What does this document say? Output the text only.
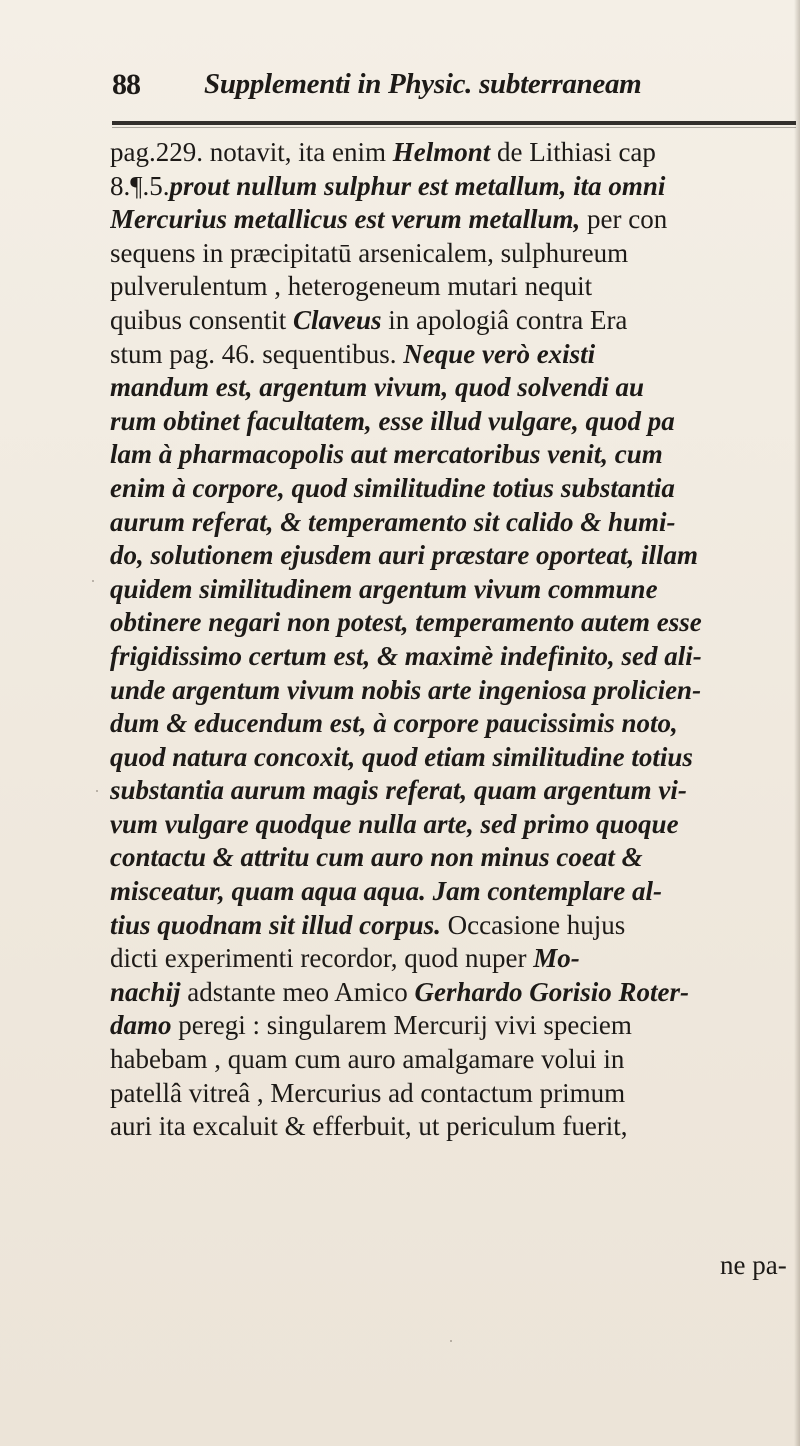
88 Supplementi in Physic. subterraneam
pag.229. notavit, ita enim Helmont de Lithiasi cap
8.¶.5.prout nullum sulphur est metallum, ita omni
Mercurius metallicus est verum metallum, per con
sequens in præcipitatū arsenicalem, sulphureum
pulverulentum , heterogeneum mutari nequit
quibus consentit Claveus in apologiâ contra Era
stum pag. 46. sequentibus. Neque verò existi
mandum est, argentum vivum, quod solvendi au
rum obtinet facultatem, esse illud vulgare, quod pa
lam à pharmacopolis aut mercatoribus venit, cum
enim à corpore, quod similitudine totius substantia
aurum referat, & temperamento sit calido & humi-
do, solutionem ejusdem auri præstare oporteat, illam
quidem similitudinem argentum vivum commune
obtinere negari non potest, temperamento autem esse
frigidissimo certum est, & maximè indefinito, sed ali-
unde argentum vivum nobis arte ingeniosa prolicien-
dum & educendum est, à corpore paucissimis noto,
quod natura concoxit, quod etiam similitudine totius
substantia aurum magis referat, quam argentum vi-
vum vulgare quodque nulla arte, sed primo quoque
contactu & attritu cum auro non minus coeat &
misceatur, quam aqua aqua. Jam contemplare al-
tius quodnam sit illud corpus. Occasione hujus
dicti experimenti recordor, quod nuper Mo-
nachij adstante meo Amico Gerhardo Gorisio Roter-
damo peregi : singularem Mercurij vivi speciem
habebam , quam cum auro amalgamare volui in
patellâ vitreâ , Mercurius ad contactum primum
auri ita excaluit & efferbuit, ut periculum fuerit,
ne pa-
